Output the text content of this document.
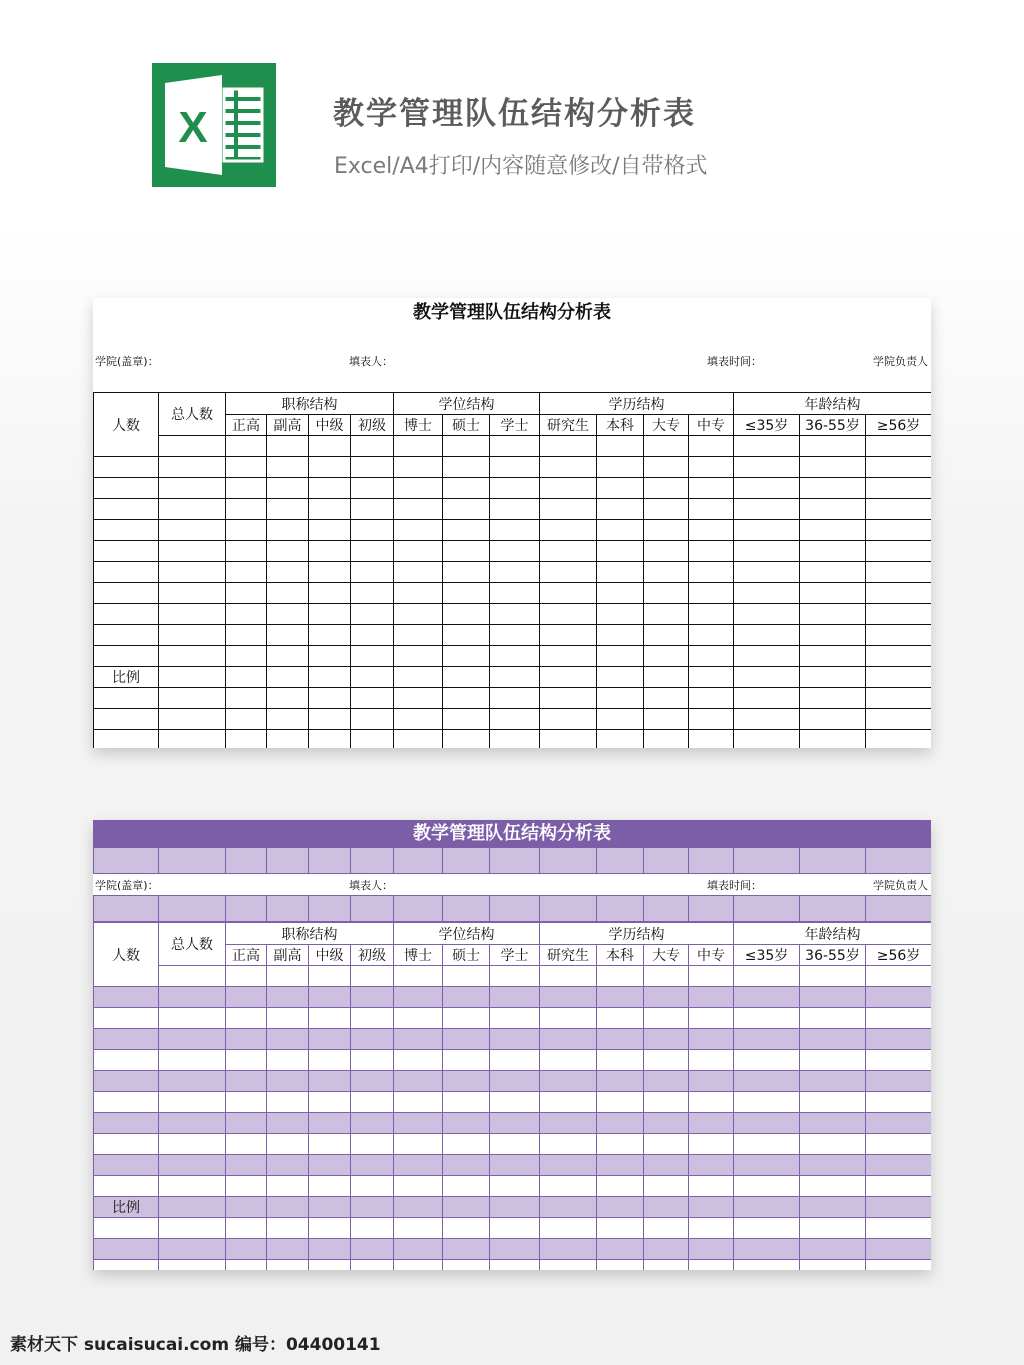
X	教学管理队伍结构分析表
Excel/A4打印/内容随意修改/自带格式
教学管理队伍结构分析表
学院(盖章)：	填表人：	填表时间：	学院负责人
人数	总人数	职称结构				学位结构			学历结构				年龄结构		
		正高	副高	中级	初级	博士	硕士	学士	研究生	本科	大专	中专	≤35岁	36-55岁	≥56岁

比例															

教学管理队伍结构分析表

学院(盖章)：	填表人：	填表时间：	学院负责人

人数	总人数	职称结构				学位结构			学历结构				年龄结构		
		正高	副高	中级	初级	博士	硕士	学士	研究生	本科	大专	中专	≤35岁	36-55岁	≥56岁

比例															

素材天下 sucaisucai.com 编号：04400141
